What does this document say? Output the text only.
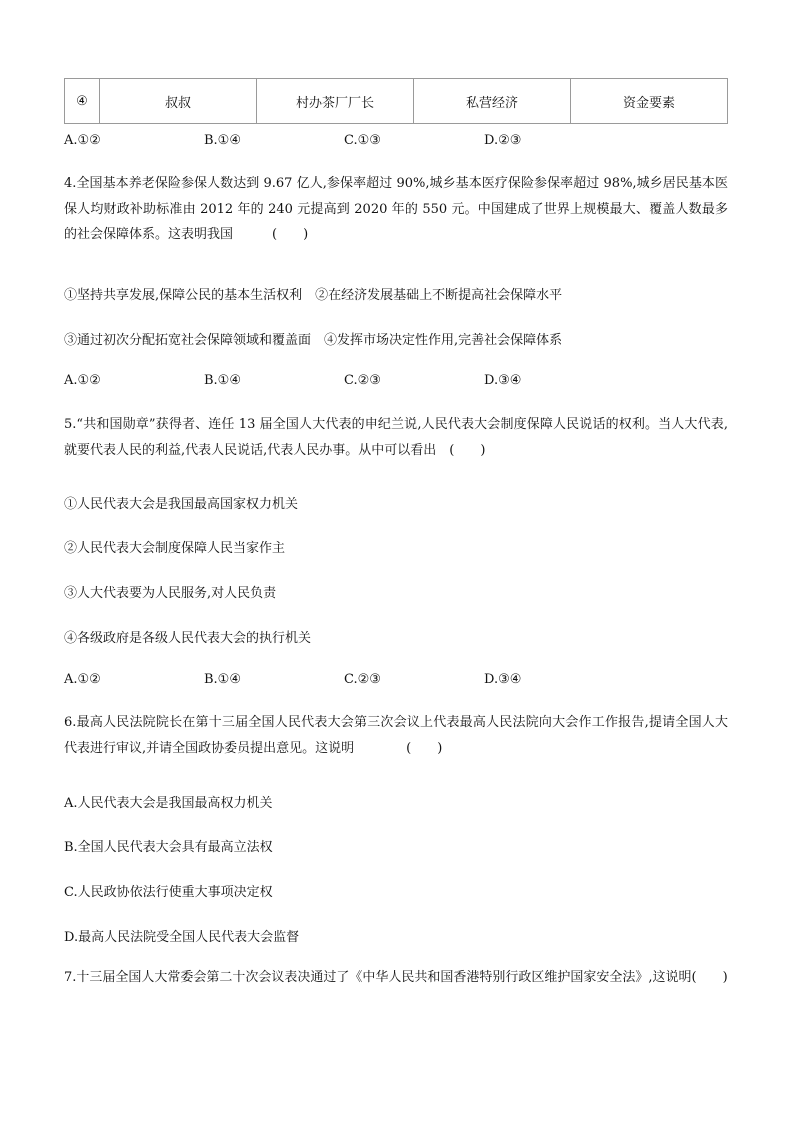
④	叔叔	村办茶厂厂长	私营经济	资金要素
A.①②	B.①④	C.①③	D.②③
4.全国基本养老保险参保人数达到 9.67 亿人,参保率超过 90%,城乡基本医疗保险参保率超过 98%,城乡居民基本医保人均财政补助标准由 2012 年的 240 元提高到 2020 年的 550 元。中国建成了世界上规模最大、覆盖人数最多的社会保障体系。这表明我国　　　(　　)
①坚持共享发展,保障公民的基本生活权利　②在经济发展基础上不断提高社会保障水平
③通过初次分配拓宽社会保障领域和覆盖面　④发挥市场决定性作用,完善社会保障体系
A.①②	B.①④	C.②③	D.③④
5.“共和国勋章”获得者、连任 13 届全国人大代表的申纪兰说,人民代表大会制度保障人民说话的权利。当人大代表,就要代表人民的利益,代表人民说话,代表人民办事。从中可以看出　(　　)
①人民代表大会是我国最高国家权力机关
②人民代表大会制度保障人民当家作主
③人大代表要为人民服务,对人民负责
④各级政府是各级人民代表大会的执行机关
A.①②	B.①④	C.②③	D.③④
6.最高人民法院院长在第十三届全国人民代表大会第三次会议上代表最高人民法院向大会作工作报告,提请全国人大代表进行审议,并请全国政协委员提出意见。这说明　　　　(　　)
A.人民代表大会是我国最高权力机关
B.全国人民代表大会具有最高立法权
C.人民政协依法行使重大事项决定权
D.最高人民法院受全国人民代表大会监督
7.十三届全国人大常委会第二十次会议表决通过了《中华人民共和国香港特别行政区维护国家安全法》,这说明(　　)
